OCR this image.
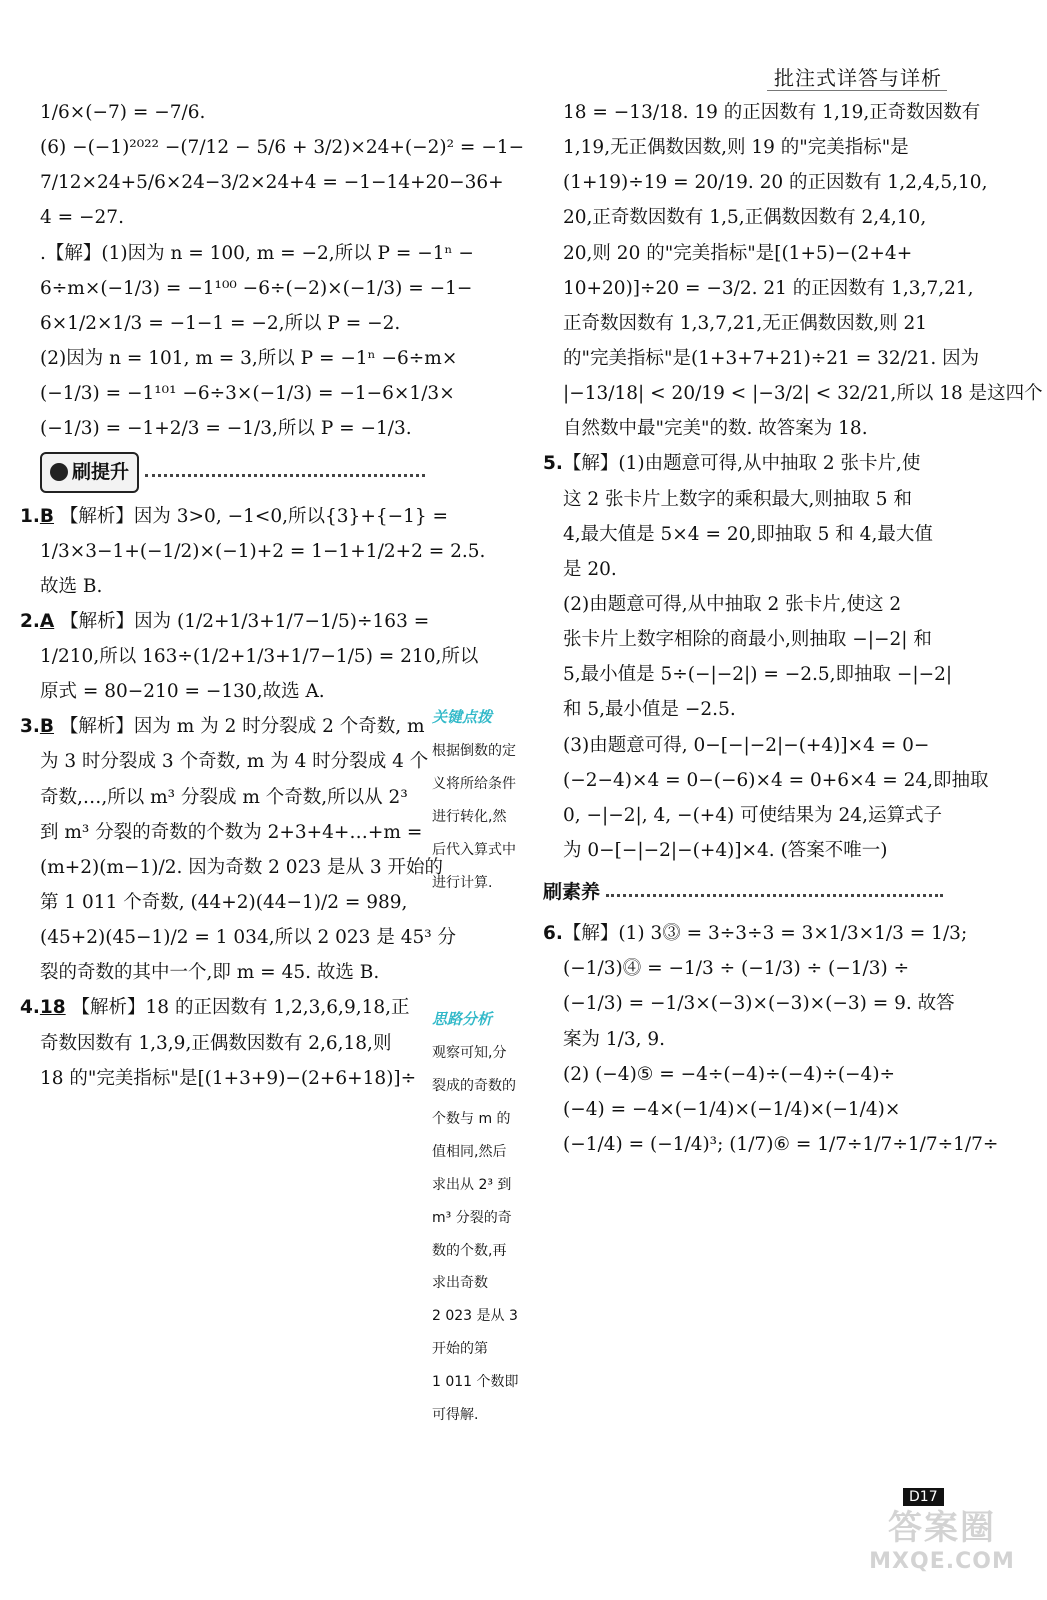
批注式详答与详析
1/6×(−7) = −7/6.
(6) −(−1)²⁰²² −(7/12 − 5/6 + 3/2)×24+(−2)² = −1−
7/12×24+5/6×24−3/2×24+4 = −1−14+20−36+
4 = −27.
.【解】(1)因为 n = 100, m = −2,所以 P = −1ⁿ −
6÷m×(−1/3) = −1¹⁰⁰ −6÷(−2)×(−1/3) = −1−
6×1/2×1/3 = −1−1 = −2,所以 P = −2.
(2)因为 n = 101, m = 3,所以 P = −1ⁿ −6÷m×
(−1/3) = −1¹⁰¹ −6÷3×(−1/3) = −1−6×1/3×
(−1/3) = −1+2/3 = −1/3,所以 P = −1/3.
刷提升
1.B 【解析】因为 3>0, −1<0,所以{3}+{−1} =
1/3×3−1+(−1/2)×(−1)+2 = 1−1+1/2+2 = 2.5.
故选 B.
2.A 【解析】因为 (1/2+1/3+1/7−1/5)÷163 =
1/210,所以 163÷(1/2+1/3+1/7−1/5) = 210,所以
原式 = 80−210 = −130,故选 A.
3.B 【解析】因为 m 为 2 时分裂成 2 个奇数, m
为 3 时分裂成 3 个奇数, m 为 4 时分裂成 4 个
奇数,…,所以 m³ 分裂成 m 个奇数,所以从 2³
到 m³ 分裂的奇数的个数为 2+3+4+…+m =
(m+2)(m−1)/2. 因为奇数 2 023 是从 3 开始的
第 1 011 个奇数, (44+2)(44−1)/2 = 989,
(45+2)(45−1)/2 = 1 034,所以 2 023 是 45³ 分
裂的奇数的其中一个,即 m = 45. 故选 B.
4.18 【解析】18 的正因数有 1,2,3,6,9,18,正
奇数因数有 1,3,9,正偶数因数有 2,6,18,则
18 的"完美指标"是[(1+3+9)−(2+6+18)]÷
关键点拨
根据倒数的定
义将所给条件
进行转化,然
后代入算式中
进行计算.
思路分析
观察可知,分
裂成的奇数的
个数与 m 的
值相同,然后
求出从 2³ 到
m³ 分裂的奇
数的个数,再
求出奇数
2 023 是从 3
开始的第
1 011 个数即
可得解.
18 = −13/18. 19 的正因数有 1,19,正奇数因数有
1,19,无正偶数因数,则 19 的"完美指标"是
(1+19)÷19 = 20/19. 20 的正因数有 1,2,4,5,10,
20,正奇数因数有 1,5,正偶数因数有 2,4,10,
20,则 20 的"完美指标"是[(1+5)−(2+4+
10+20)]÷20 = −3/2. 21 的正因数有 1,3,7,21,
正奇数因数有 1,3,7,21,无正偶数因数,则 21
的"完美指标"是(1+3+7+21)÷21 = 32/21. 因为
|−13/18| < 20/19 < |−3/2| < 32/21,所以 18 是这四个
自然数中最"完美"的数. 故答案为 18.
5.【解】(1)由题意可得,从中抽取 2 张卡片,使
这 2 张卡片上数字的乘积最大,则抽取 5 和
4,最大值是 5×4 = 20,即抽取 5 和 4,最大值
是 20.
(2)由题意可得,从中抽取 2 张卡片,使这 2
张卡片上数字相除的商最小,则抽取 −|−2| 和
5,最小值是 5÷(−|−2|) = −2.5,即抽取 −|−2|
和 5,最小值是 −2.5.
(3)由题意可得, 0−[−|−2|−(+4)]×4 = 0−
(−2−4)×4 = 0−(−6)×4 = 0+6×4 = 24,即抽取
0, −|−2|, 4, −(+4) 可使结果为 24,运算式子
为 0−[−|−2|−(+4)]×4. (答案不唯一)
刷素养
6.【解】(1) 3⓷ = 3÷3÷3 = 3×1/3×1/3 = 1/3;
(−1/3)⓸ = −1/3 ÷ (−1/3) ÷ (−1/3) ÷
(−1/3) = −1/3×(−3)×(−3)×(−3) = 9. 故答
案为 1/3, 9.
(2) (−4)⑤ = −4÷(−4)÷(−4)÷(−4)÷
(−4) = −4×(−1/4)×(−1/4)×(−1/4)×
(−1/4) = (−1/4)³; (1/7)⑥ = 1/7÷1/7÷1/7÷1/7÷
D17
答案圈
MXQE.COM
